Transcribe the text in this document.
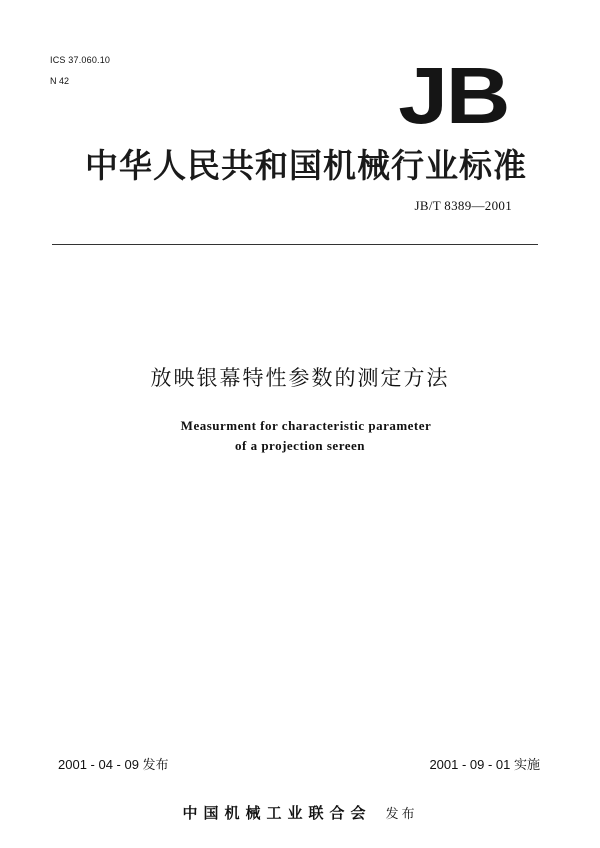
ICS 37.060.10
N 42	JB
中华人民共和国机械行业标准
JB/T 8389—2001
放映银幕特性参数的测定方法
Measurment for characteristic parameter
of a projection sereen
2001 - 04 - 09 发布	2001 - 09 - 01 实施
中国机械工业联合会 发布
